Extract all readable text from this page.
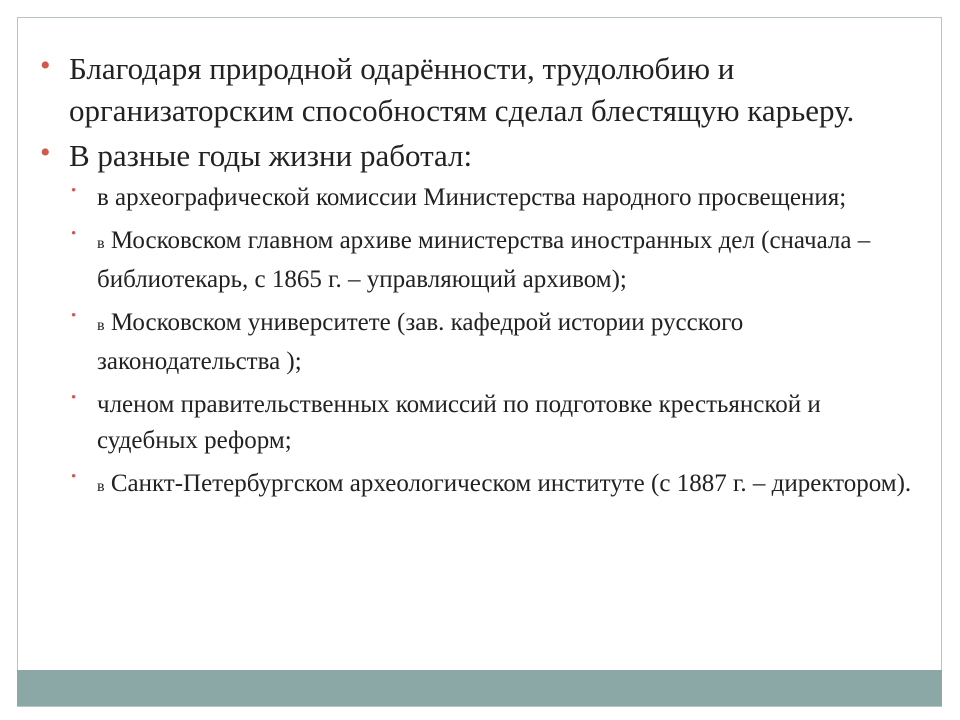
• Благодаря природной одарённости, трудолюбию и организаторским способностям сделал блестящую карьеру.
• В разные годы жизни работал:
• в археографической комиссии Министерства народного просвещения;
•
в Московском главном архиве министерства иностранных дел (сначала – библиотекарь, с 1865 г. – управляющий архивом);
•
в Московском университете (зав. кафедрой истории русского законодательства );
• членом правительственных комиссий по подготовке крестьянской и судебных реформ;
•
в Санкт-Петербургском археологическом институте (с 1887 г. – директором).
